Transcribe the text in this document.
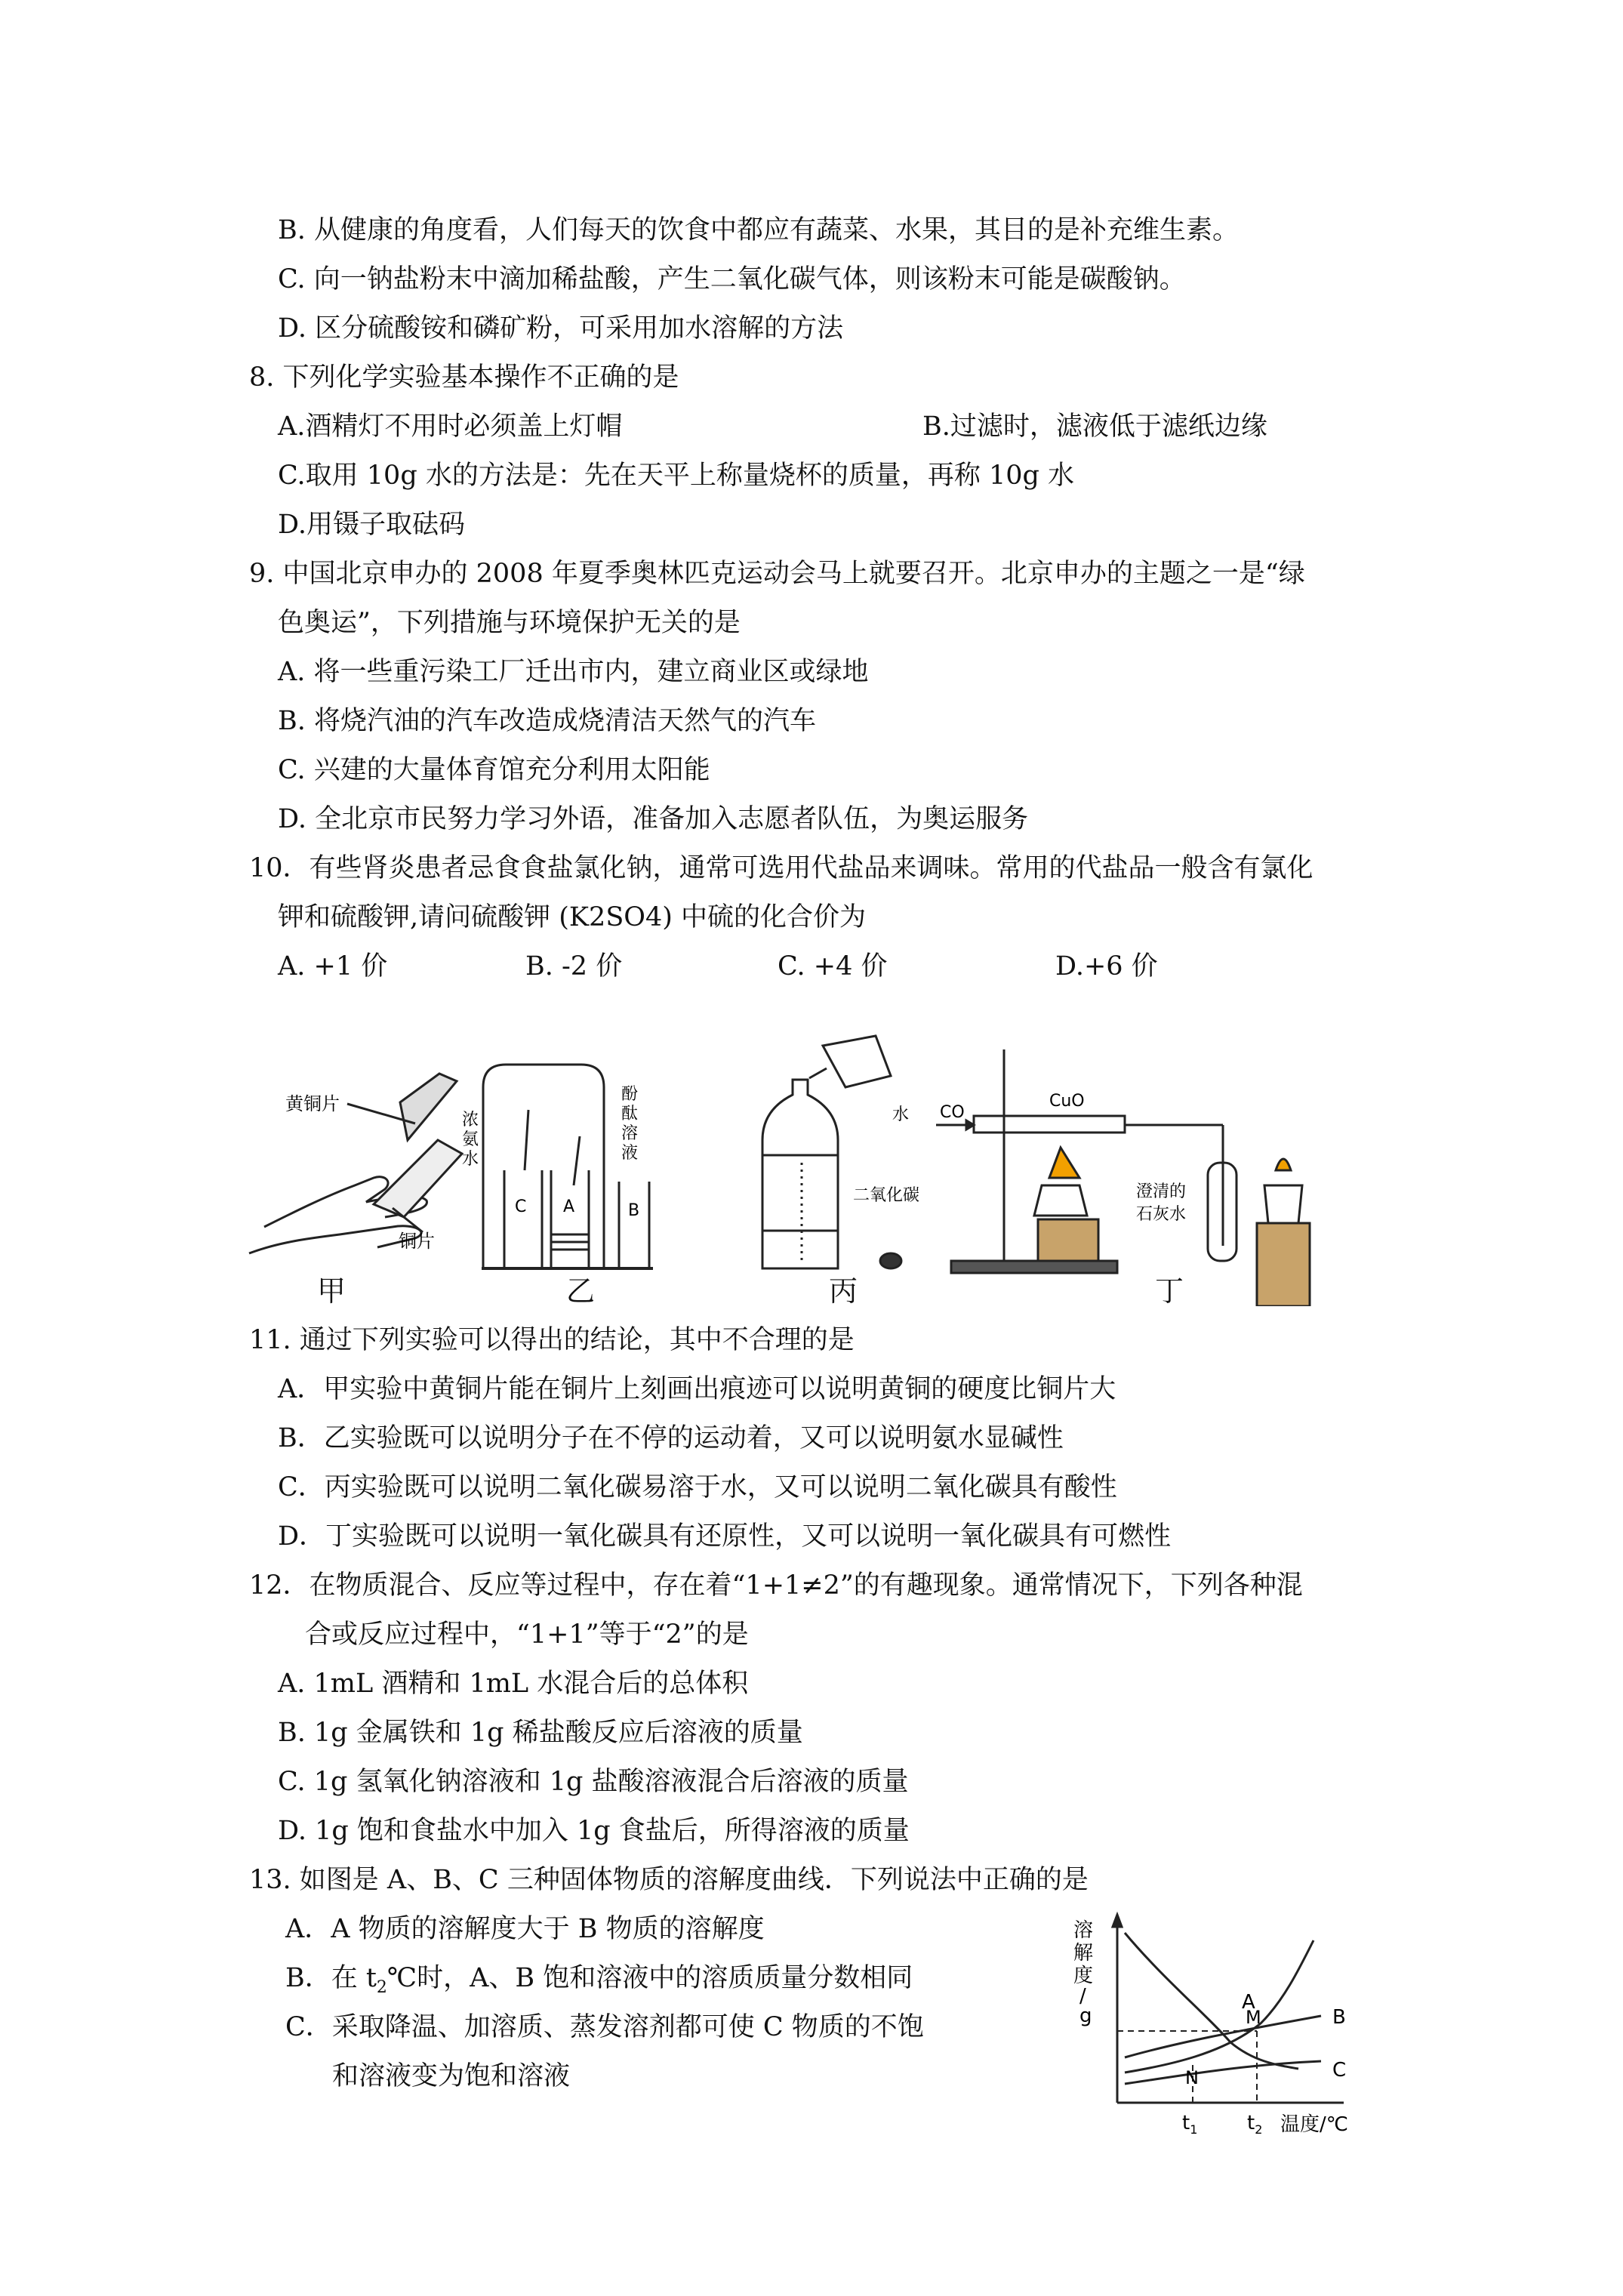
B. 从健康的角度看，人们每天的饮食中都应有蔬菜、水果，其目的是补充维生素。
C. 向一钠盐粉末中滴加稀盐酸，产生二氧化碳气体，则该粉末可能是碳酸钠。
D. 区分硫酸铵和磷矿粉，可采用加水溶解的方法
8. 下列化学实验基本操作不正确的是
A.酒精灯不用时必须盖上灯帽	B.过滤时，滤液低于滤纸边缘
C.取用 10g 水的方法是：先在天平上称量烧杯的质量，再称 10g 水
D.用镊子取砝码
9. 中国北京申办的 2008 年夏季奥林匹克运动会马上就要召开。北京申办的主题之一是“绿
色奥运”，下列措施与环境保护无关的是
A. 将一些重污染工厂迁出市内，建立商业区或绿地
B. 将烧汽油的汽车改造成烧清洁天然气的汽车
C. 兴建的大量体育馆充分利用太阳能
D. 全北京市民努力学习外语，准备加入志愿者队伍，为奥运服务
10．有些肾炎患者忌食食盐氯化钠，通常可选用代盐品来调味。常用的代盐品一般含有氯化
钾和硫酸钾,请问硫酸钾 (K2SO4) 中硫的化合价为
A. +1 价	B. -2 价	C. +4 价	D.+6 价
黄铜片
铜片
C A	B
浓 氨 水
酚 酞 溶 液
水
二氧化碳
CO
CuO
澄清的
石灰水
甲	乙	丙	丁
11. 通过下列实验可以得出的结论，其中不合理的是
A．甲实验中黄铜片能在铜片上刻画出痕迹可以说明黄铜的硬度比铜片大
B．乙实验既可以说明分子在不停的运动着，又可以说明氨水显碱性
C．丙实验既可以说明二氧化碳易溶于水，又可以说明二氧化碳具有酸性
D．丁实验既可以说明一氧化碳具有还原性，又可以说明一氧化碳具有可燃性
12．在物质混合、反应等过程中，存在着“1+1≠2”的有趣现象。通常情况下，下列各种混
合或反应过程中，“1+1”等于“2”的是
A. 1mL 酒精和 1mL 水混合后的总体积
B. 1g 金属铁和 1g 稀盐酸反应后溶液的质量
C. 1g 氢氧化钠溶液和 1g 盐酸溶液混合后溶液的质量
D. 1g 饱和食盐水中加入 1g 食盐后，所得溶液的质量
13. 如图是 A、B、C 三种固体物质的溶解度曲线．下列说法中正确的是
A．A 物质的溶解度大于 B 物质的溶解度
B．在 $t_2℃$时，A、B 饱和溶液中的溶质质量分数相同
C．采取降温、加溶质、蒸发溶剂都可使 C 物质的不饱
和溶液变为饱和溶液
溶
解
度
/
g
A
B
C
M
N
$t_1$	$t_2$ 温度/℃
